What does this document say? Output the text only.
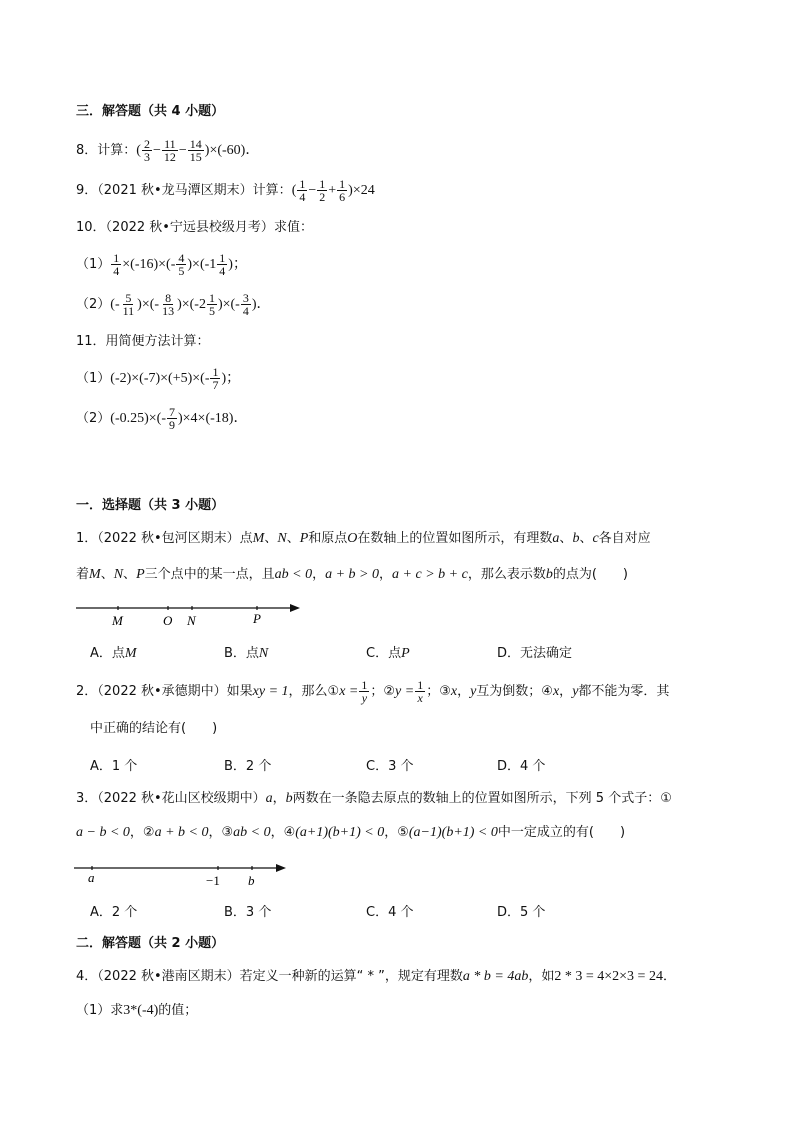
三．解答题（共 4 小题）
8．计算：( $\frac{2}{3} - \frac{11}{12} - \frac{14}{15} )\times(-60)$．
9．（2021 秋•龙马潭区期末）计算：( $\frac{1}{4} - \frac{1}{2} + \frac{1}{6} )\times 24$
10．（2022 秋•宁远县校级月考）求值：
$(1) \frac{1}{4} \times(-16)\times(- \frac{4}{5} )\times(-1 \frac{1}{4}$ )；
$(2)(- \frac{5}{11}$ )×(- $\frac{8}{13} )\times(-2 \frac{1}{5}$ )×(- $\frac{3}{4}$ )．
11．用简便方法计算：
$(1)(-2)\times(-7)\times(+5)\times(- \frac{1}{7}$ )；
$(2)(-0.25)\times(- \frac{7}{9} )\times 4\times(-18)$．
一．选择题（共 3 小题）
1．（2022 秋•包河区期末）点M、N、P和原点O在数轴上的位置如图所示，有理数a、b、c各自对应
着M、N、P三个点中的某一点，且ab < 0，a + b > 0，a + c > b + c，那么表示数b的点为(　　)
M	O N	P
A．点M	B．点N	C．点P	D．无法确定
2．（2022 秋•承德期中）如果xy = 1，那么①x = $\frac{1}{y}$ ；②y = $\frac{1}{x}$ ；③x，y互为倒数；④x，y都不能为零．其
中正确的结论有(　　)
A．1 个	B．2 个	C．3 个	D．4 个
3．（2022 秋•花山区校级期中）a，b两数在一条隐去原点的数轴上的位置如图所示，下列 5 个式子：①
a − b < 0，②a + b < 0，③ab < 0，④(a+1)(b+1) < 0，⑤(a−1)(b+1) < 0中一定成立的有(　　)
a	−1 b
A．2 个	B．3 个	C．4 个	D．5 个
二．解答题（共 2 小题）
4．（2022 秋•港南区期末）若定义一种新的运算“ * ”，规定有理数a * b = 4ab，如2 * 3 = 4×2×3 = 24．
（1）求3*(-4)的值；
